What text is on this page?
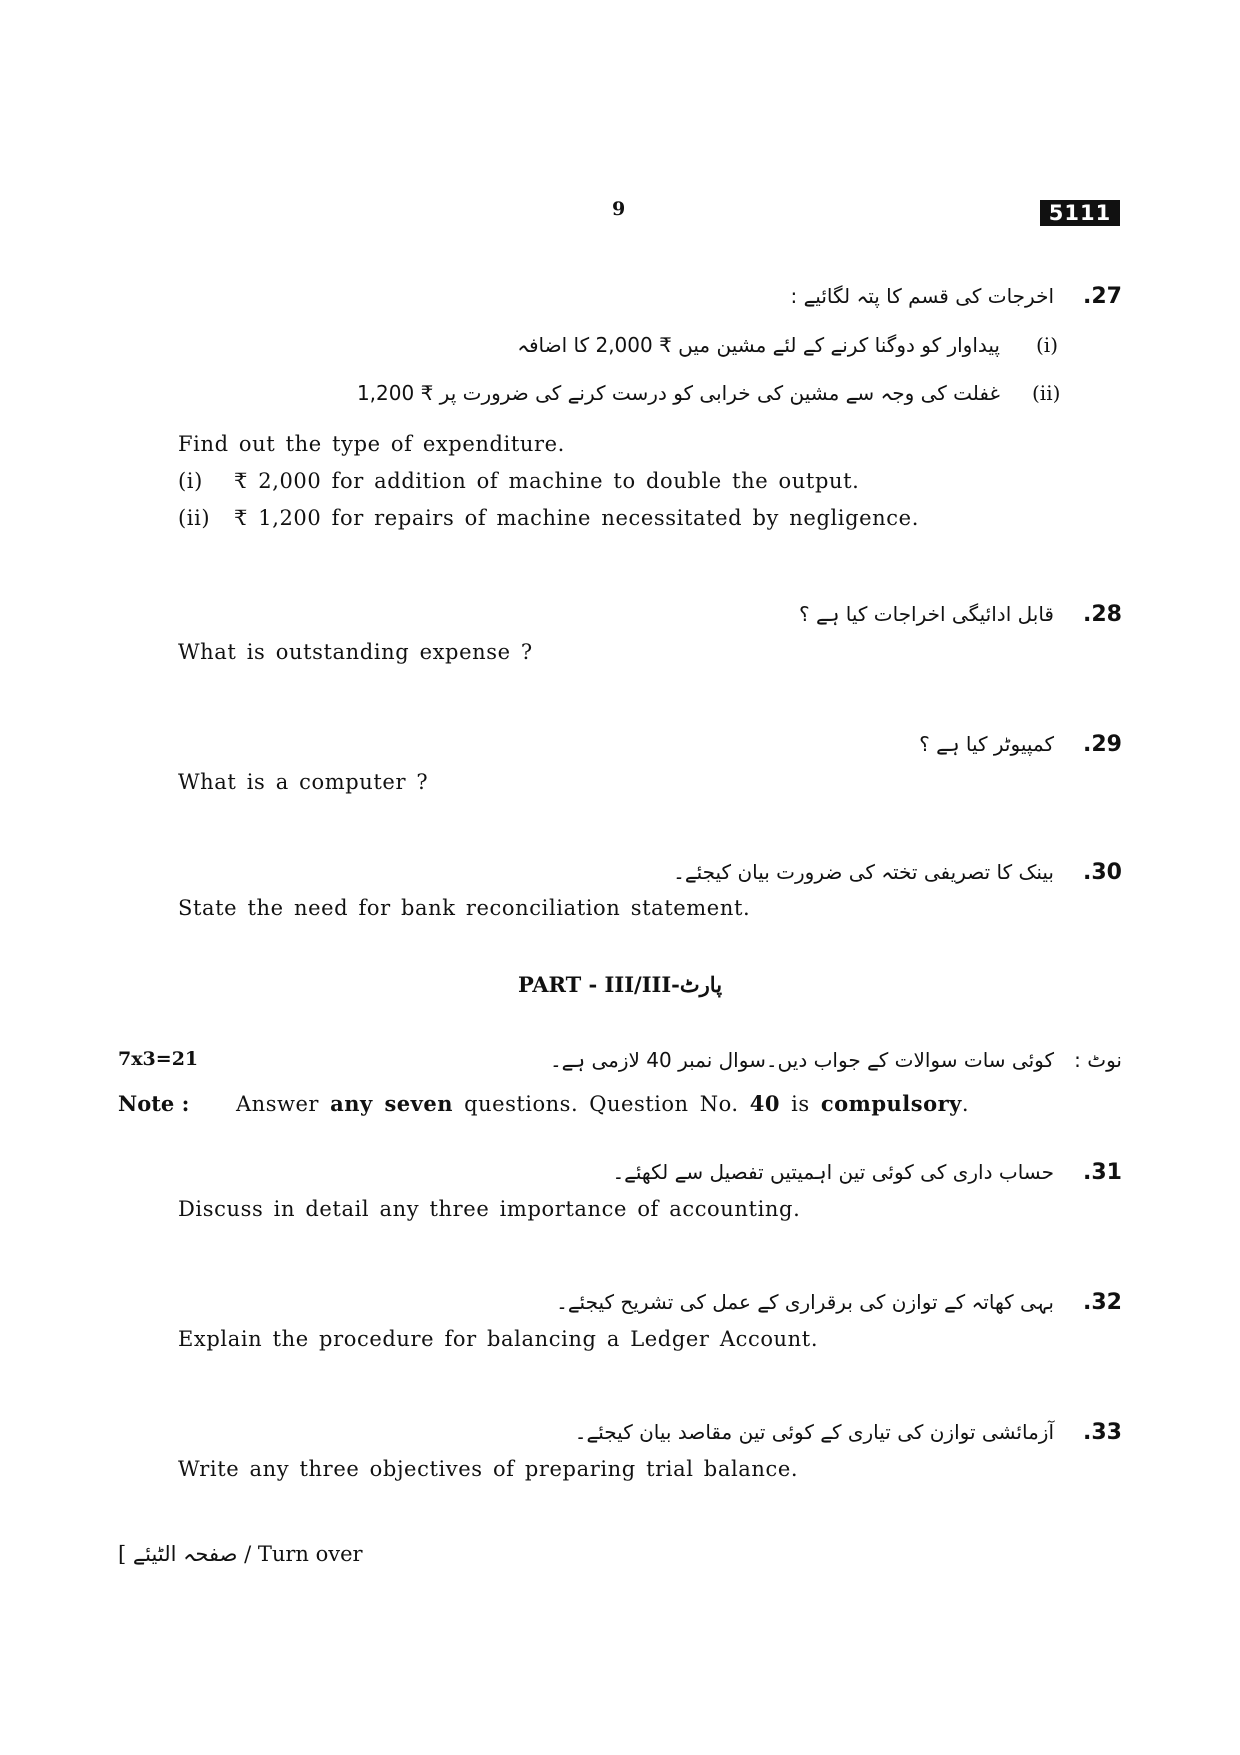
9	5111
.27
اخرجات کی قسم کا پتہ لگائیے :
(i)
پیداوار کو دوگنا کرنے کے لئے مشین میں ₹ 2,000 کا اضافہ
(ii)
غفلت کی وجہ سے مشین کی خرابی کو درست کرنے کی ضرورت پر ₹ 1,200
Find out the type of expenditure.
(i) ₹ 2,000 for addition of machine to double the output.
(ii) ₹ 1,200 for repairs of machine necessitated by negligence.
.28
قابل ادائیگی اخراجات کیا ہے ؟
What is outstanding expense ?
.29
کمپیوٹر کیا ہے ؟
What is a computer ?
.30
بینک کا تصریفی تختہ کی ضرورت بیان کیجئے۔
State the need for bank reconciliation statement.
PART - III/III-پارٹ
7x3=21	نوٹ :
کوئی سات سوالات کے جواب دیں۔سوال نمبر 40 لازمی ہے۔
Note : Answer any seven questions. Question No. 40 is compulsory.
.31
حساب داری کی کوئی تین اہمیتیں تفصیل سے لکھئے۔
Discuss in detail any three importance of accounting.
.32
بہی کھاتہ کے توازن کی برقراری کے عمل کی تشریح کیجئے۔
Explain the procedure for balancing a Ledger Account.
.33
آزمائشی توازن کی تیاری کے کوئی تین مقاصد بیان کیجئے۔
Write any three objectives of preparing trial balance.
[ صفحہ الٹیئے / Turn over
